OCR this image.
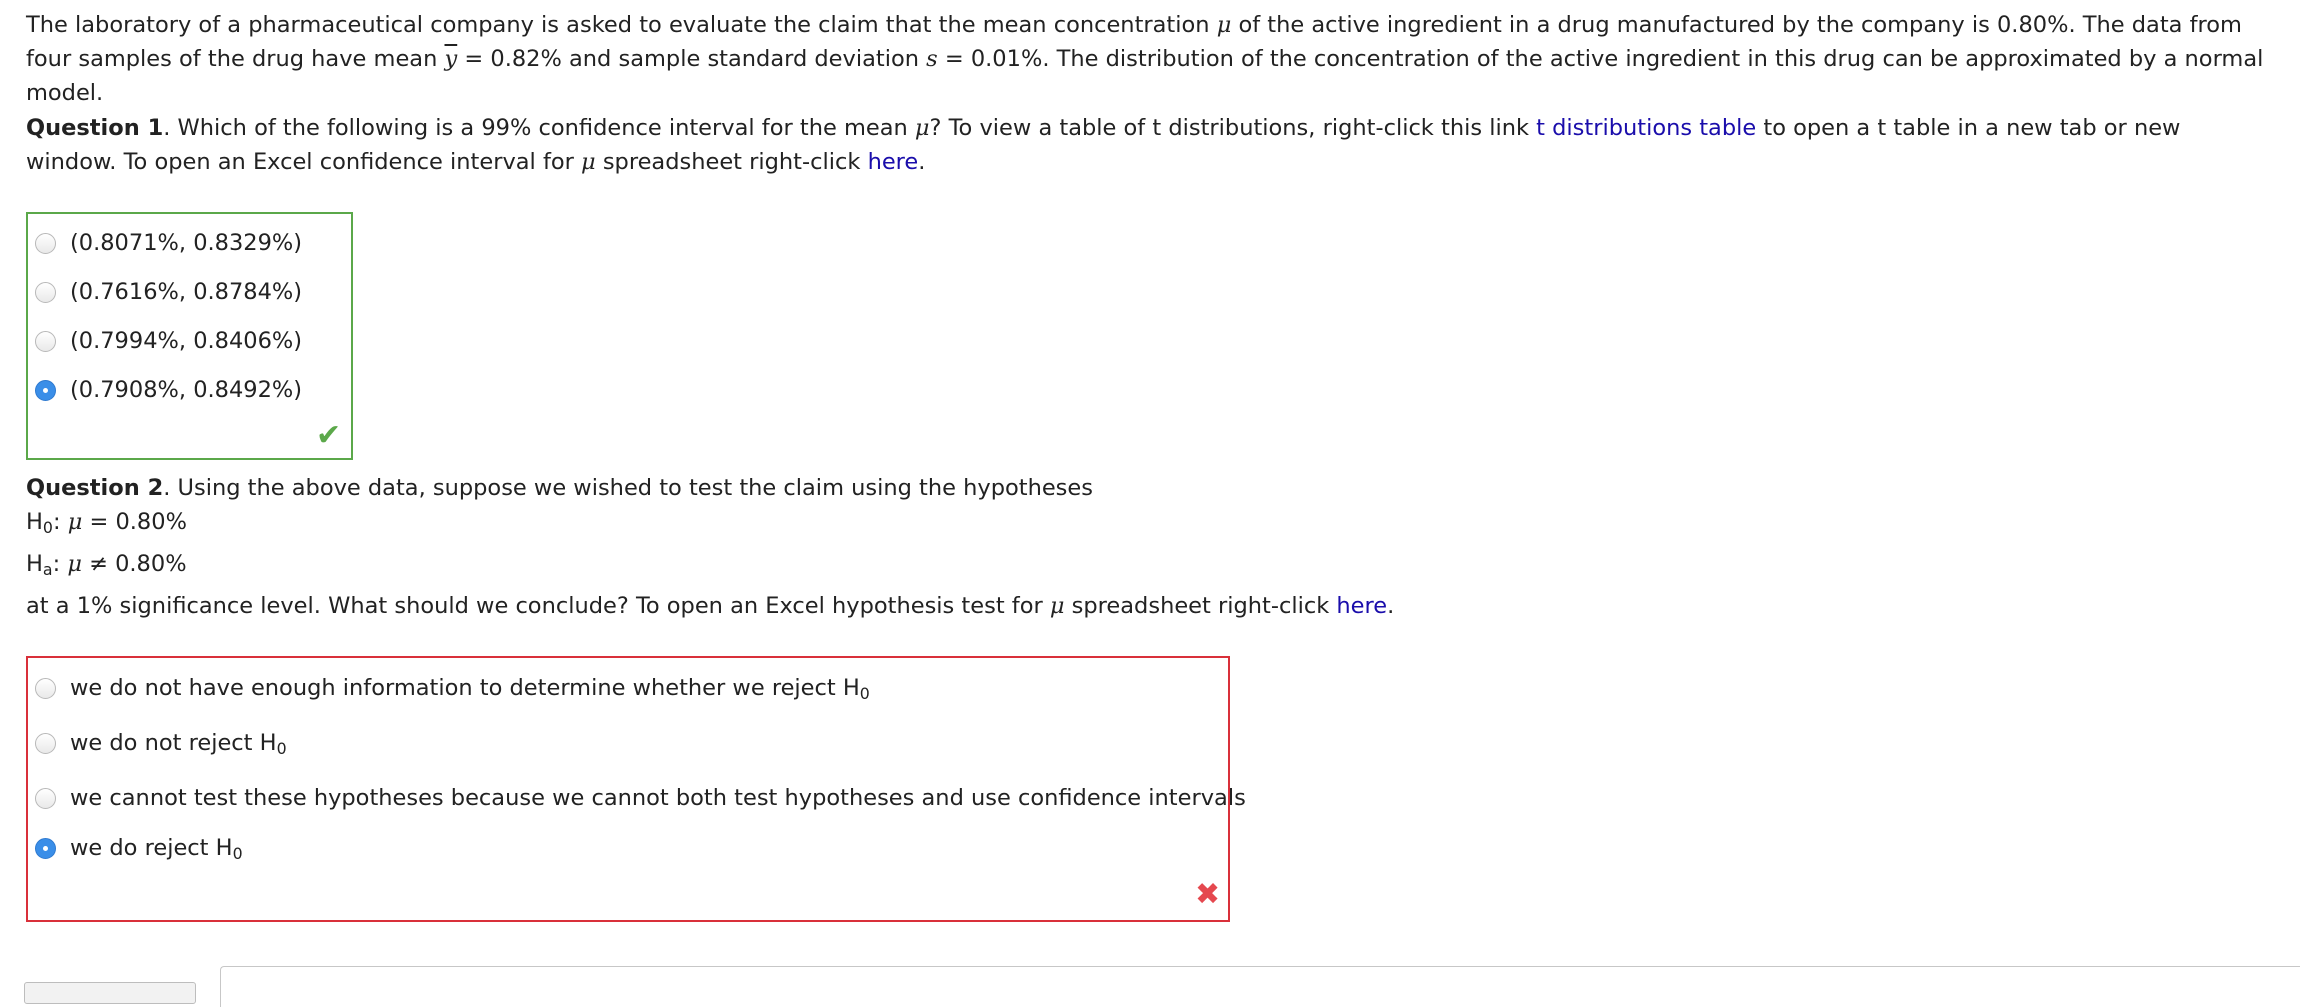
The laboratory of a pharmaceutical company is asked to evaluate the claim that the mean concentration μ of the active ingredient in a drug manufactured by the company is 0.80%. The data from four samples of the drug have mean $\overline{y} = 0.82\%$ and sample standard deviation s = 0.01%. The distribution of the concentration of the active ingredient in this drug can be approximated by a normal model.

Question 1. Which of the following is a 99% confidence interval for the mean μ? To view a table of t distributions, right-click this link t distributions table to open a t table in a new tab or new window. To open an Excel confidence interval for μ spreadsheet right-click here.

(0.8071%, 0.8329%)
(0.7616%, 0.8784%)
(0.7994%, 0.8406%)
(0.7908%, 0.8492%)
✔

Question 2. Using the above data, suppose we wished to test the claim using the hypotheses

$H_0$: μ = 0.80%
$H_a$: μ ≠ 0.80%

at a 1% significance level. What should we conclude? To open an Excel hypothesis test for μ spreadsheet right-click here.

we do not have enough information to determine whether we reject $H_0$
we do not reject $H_0$
we cannot test these hypotheses because we cannot both test hypotheses and use confidence intervals
we do reject $H_0$
✖
